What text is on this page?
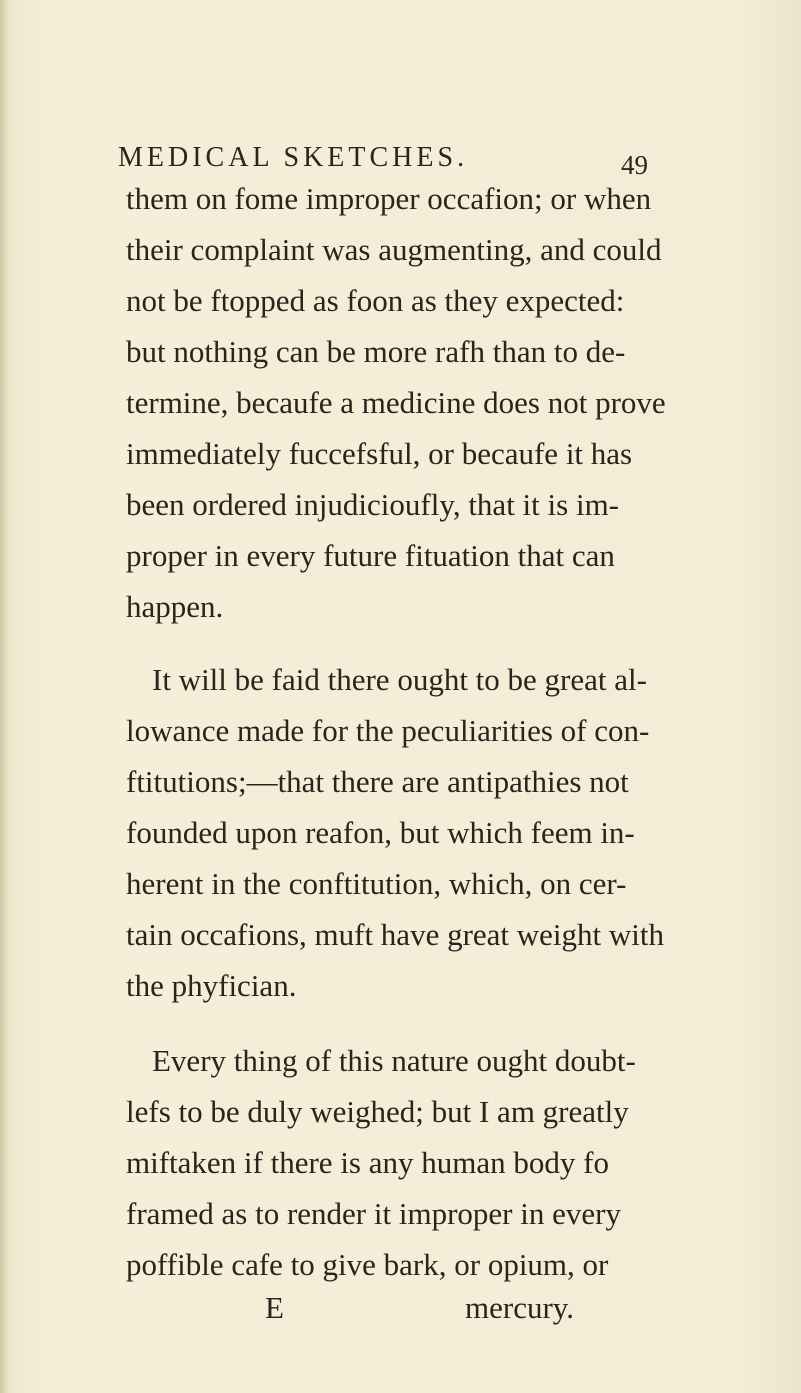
MEDICAL SKETCHES.	49
them on fome improper occafion; or when
their complaint was augmenting, and could
not be ftopped as foon as they expected:
but nothing can be more rafh than to de-
termine, becaufe a medicine does not prove
immediately fuccefsful, or becaufe it has
been ordered injudicioufly, that it is im-
proper in every future fituation that can
happen.
It will be faid there ought to be great al-
lowance made for the peculiarities of con-
ftitutions;—that there are antipathies not
founded upon reafon, but which feem in-
herent in the conftitution, which, on cer-
tain occafions, muft have great weight with
the phyfician.
Every thing of this nature ought doubt-
lefs to be duly weighed; but I am greatly
miftaken if there is any human body fo
framed as to render it improper in every
poffible cafe to give bark, or opium, or
E	mercury.
